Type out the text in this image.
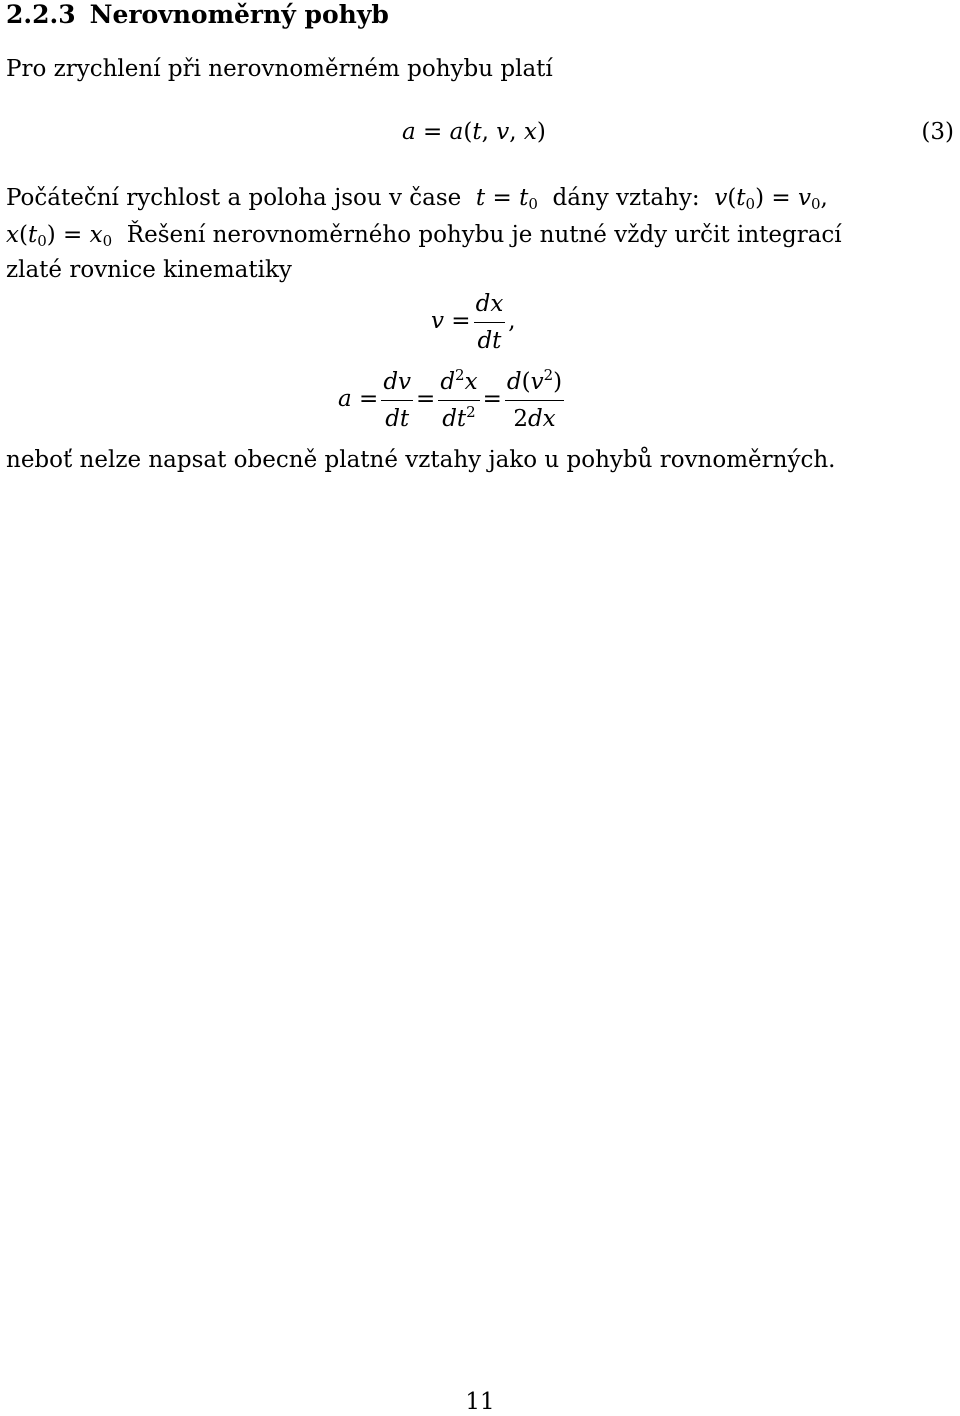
2.2.3 Nerovnoměrný pohyb
Pro zrychlení při nerovnoměrném pohybu platí
a = a(t, v, x)	(3)
Počáteční rychlost a poloha jsou v čase $t = t_0$ dány vztahy: $v(t_0) = v_0$,
$x(t_0) = x_0$ Řešení nerovnoměrného pohybu je nutné vždy určit integrací
zlaté rovnice kinematiky
$v = \frac{dx}{dt}$ ,
$a = \frac{dv}{dt} = \frac{d^2x}{dt^2} = \frac{d(v^2)}{2dx}$
neboť nelze napsat obecně platné vztahy jako u pohybů rovnoměrných.
11
